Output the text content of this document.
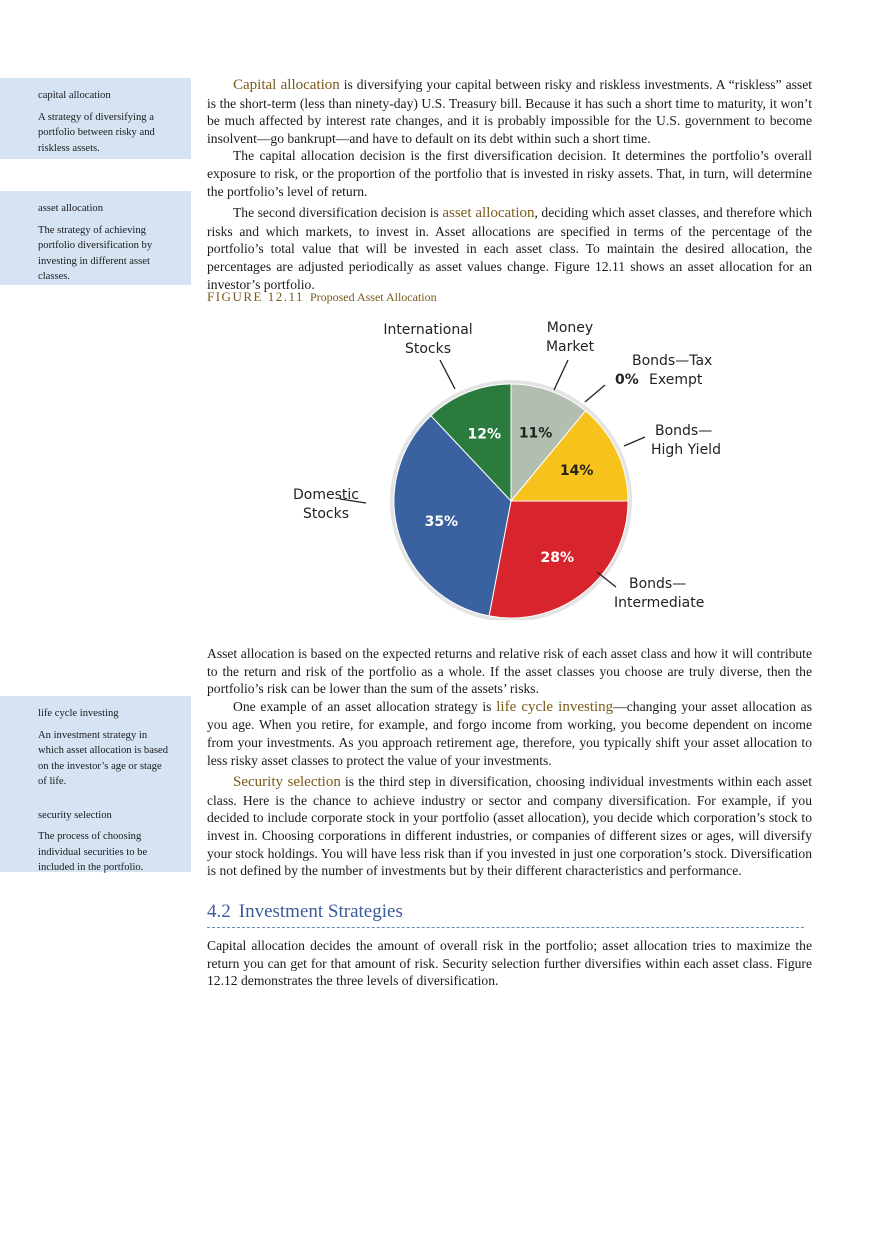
capital allocation
A strategy of diversifying a portfolio between risky and riskless assets.
asset allocation
The strategy of achieving portfolio diversification by investing in different asset classes.
life cycle investing
An investment strategy in which asset allocation is based on the investor’s age or stage of life.
security selection
The process of choosing individual securities to be included in the portfolio.

Capital allocation is diversifying your capital between risky and riskless investments. A “riskless” asset is the short-term (less than ninety-day) U.S. Treasury bill. Because it has such a short time to maturity, it won’t be much affected by interest rate changes, and it is probably impossible for the U.S. government to become insolvent—go bankrupt—and have to default on its debt within such a short time.

The capital allocation decision is the first diversification decision. It determines the portfolio’s overall exposure to risk, or the proportion of the portfolio that is invested in risky assets. That, in turn, will determine the portfolio’s level of return.

The second diversification decision is asset allocation, deciding which asset classes, and therefore which risks and which markets, to invest in. Asset allocations are specified in terms of the percentage of the portfolio’s total value that will be invested in each asset class. To maintain the desired allocation, the percentages are adjusted periodically as asset values change. Figure 12.11 shows an asset allocation for an investor’s portfolio.

FIGURE 12.11 Proposed Asset Allocation
11%
14%
28%
35%
12%
International
Stocks
Money
Market
Bonds—Tax
0% Exempt
Bonds—
High Yield
Domestic
Stocks
Bonds—
Intermediate

Asset allocation is based on the expected returns and relative risk of each asset class and how it will contribute to the return and risk of the portfolio as a whole. If the asset classes you choose are truly diverse, then the portfolio’s risk can be lower than the sum of the assets’ risks.

One example of an asset allocation strategy is life cycle investing—changing your asset allocation as you age. When you retire, for example, and forgo income from working, you become dependent on income from your investments. As you approach retirement age, therefore, you typically shift your asset allocation to less risky asset classes to protect the value of your investments.

Security selection is the third step in diversification, choosing individual investments within each asset class. Here is the chance to achieve industry or sector and company diversification. For example, if you decided to include corporate stock in your portfolio (asset allocation), you decide which corporation’s stock to invest in. Choosing corporations in different industries, or companies of different sizes or ages, will diversify your stock holdings. You will have less risk than if you invested in just one corporation’s stock. Diversification is not defined by the number of investments but by their different characteristics and performance.

4.2 Investment Strategies

Capital allocation decides the amount of overall risk in the portfolio; asset allocation tries to maximize the return you can get for that amount of risk. Security selection further diversifies within each asset class. Figure 12.12 demonstrates the three levels of diversification.
